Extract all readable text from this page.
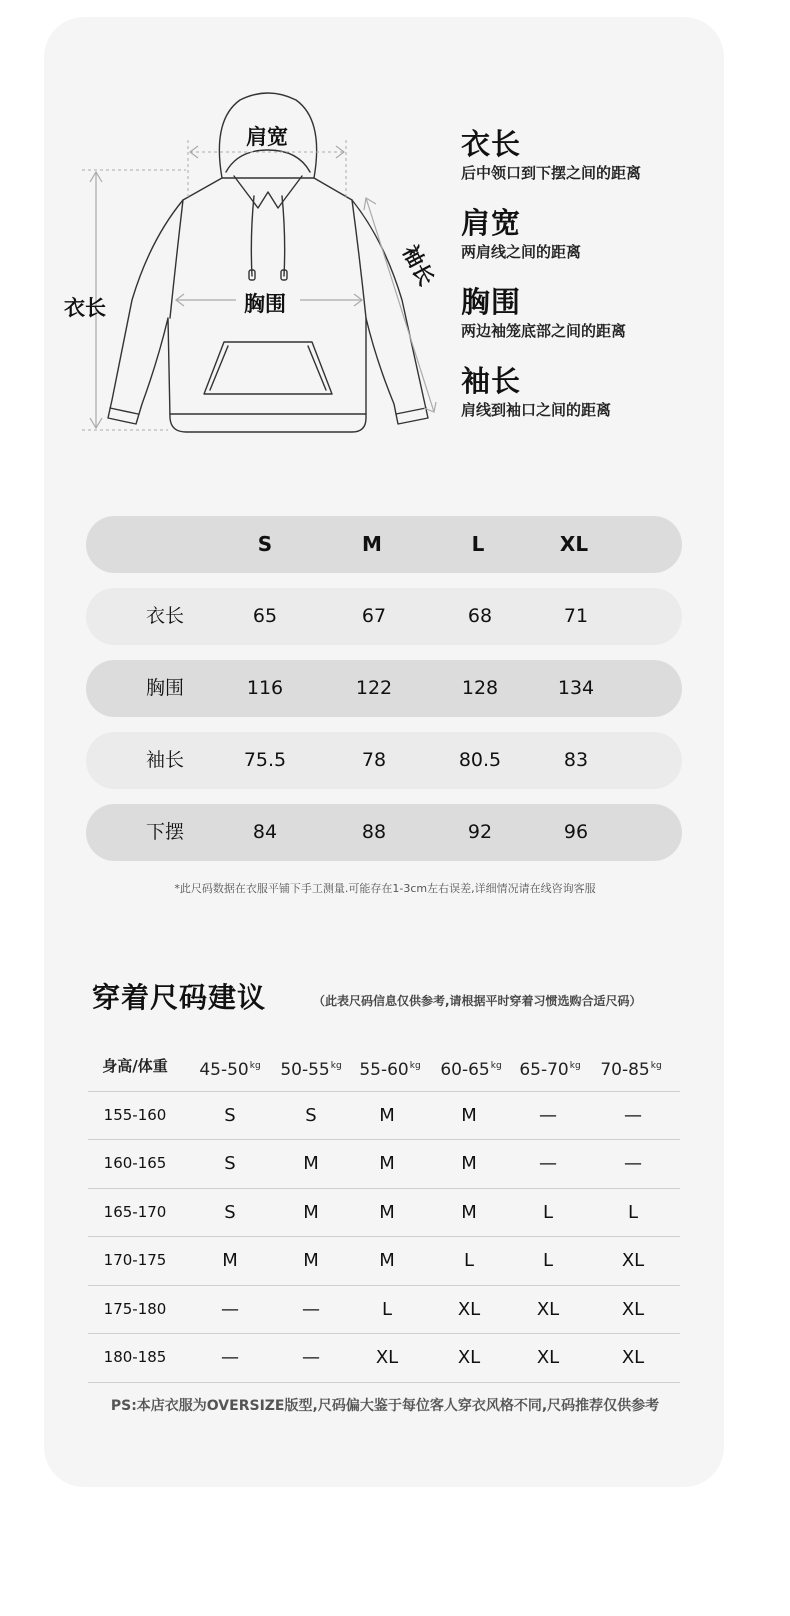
肩宽
衣长	胸围
袖长
衣长
后中领口到下摆之间的距离
肩宽
两肩线之间的距离
胸围
两边袖笼底部之间的距离
袖长
肩线到袖口之间的距离
S	M	L	XL
衣长	65	67	68	71
胸围	116	122	128	134
袖长	75.5	78	80.5	83
下摆	84	88	92	96
*此尺码数据在衣服平铺下手工测量.可能存在1-3cm左右误差,详细情况请在线咨询客服
穿着尺码建议	（此表尺码信息仅供参考,请根据平时穿着习惯选购合适尺码）
身高/体重	$45-50^{kg}$	$50-55^{kg}$	$55-60^{kg}$	$60-65^{kg}$	$65-70^{kg}$	$70-85^{kg}$
155-160	S	S	M	M	—	—
160-165	S	M	M	M	—	—
165-170	S	M	M	M	L	L
170-175	M	M	M	L	L	XL
175-180	—	—	L	XL	XL	XL
180-185	—	—	XL	XL	XL	XL
PS:本店衣服为OVERSIZE版型,尺码偏大鉴于每位客人穿衣风格不同,尺码推荐仅供参考
